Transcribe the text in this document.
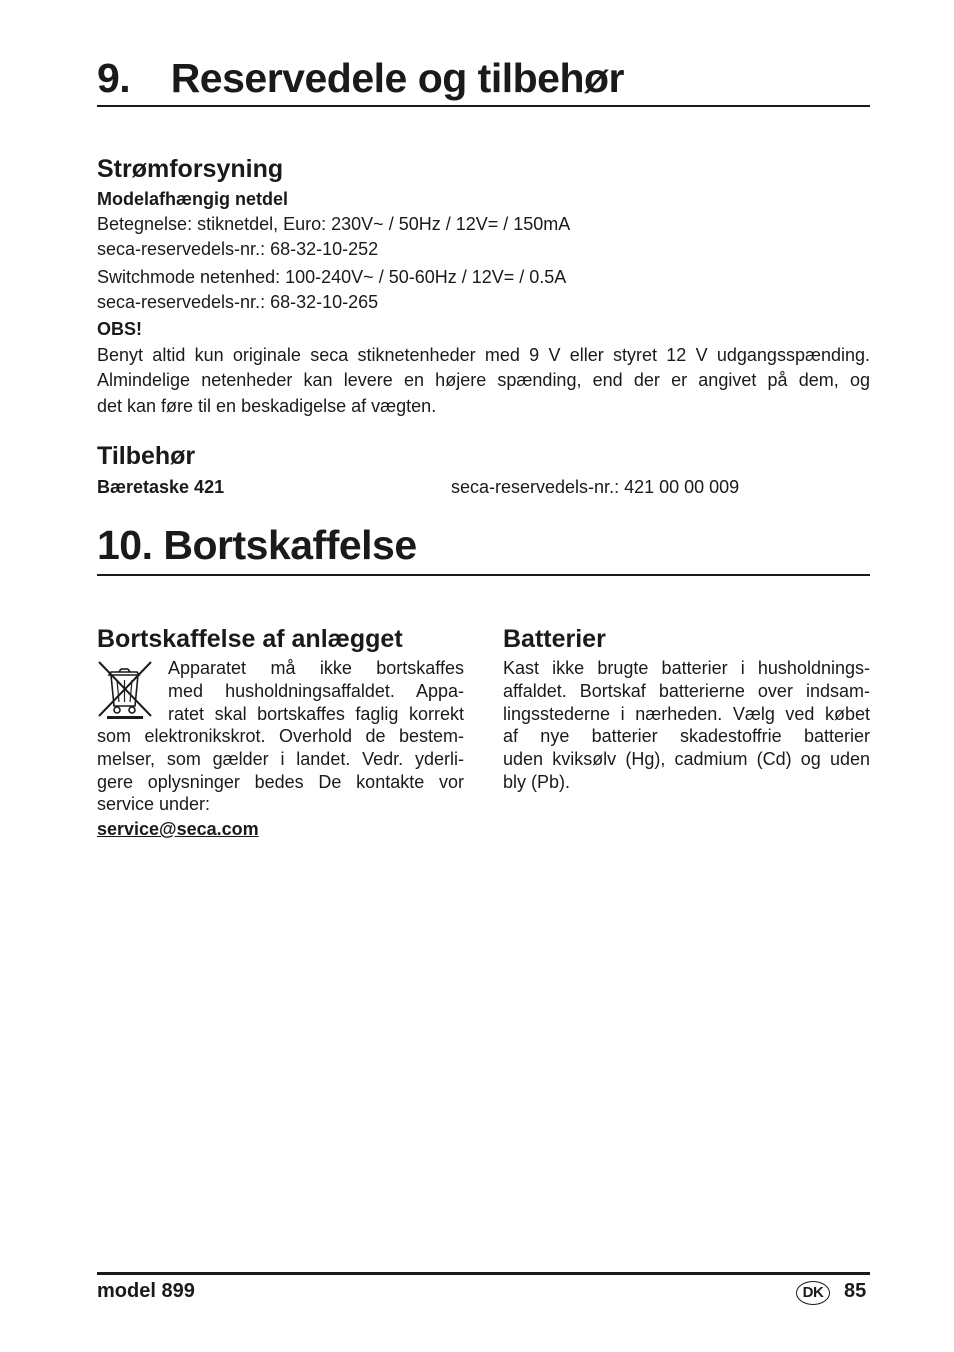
9. Reservedele og tilbehør
Strømforsyning
Modelafhængig netdel
Betegnelse: stiknetdel, Euro: 230V~ / 50Hz / 12V= / 150mA
seca-reservedels-nr.: 68-32-10-252
Switchmode netenhed: 100-240V~ / 50-60Hz / 12V= / 0.5A
seca-reservedels-nr.: 68-32-10-265
OBS!
Benyt altid kun originale seca stiknetenheder med 9 V eller styret 12 V udgangsspænding.
Almindelige netenheder kan levere en højere spænding, end der er angivet på dem, og
det kan føre til en beskadigelse af vægten.
Tilbehør
Bæretaske 421	seca-reservedels-nr.: 421 00 00 009
10. Bortskaffelse
Bortskaffelse af anlægget
Apparatet må ikke bortskaffes
med husholdningsaffaldet. Appa-
ratet skal bortskaffes faglig korrekt
som elektronikskrot. Overhold de bestem-
melser, som gælder i landet. Vedr. yderli-
gere oplysninger bedes De kontakte vor
service under:
service@seca.com
Batterier
Kast ikke brugte batterier i husholdnings-
affaldet. Bortskaf batterierne over indsam-
lingsstederne i nærheden. Vælg ved købet
af nye batterier skadestoffrie batterier
uden kviksølv (Hg), cadmium (Cd) og uden
bly (Pb).
model 899	DK	85
